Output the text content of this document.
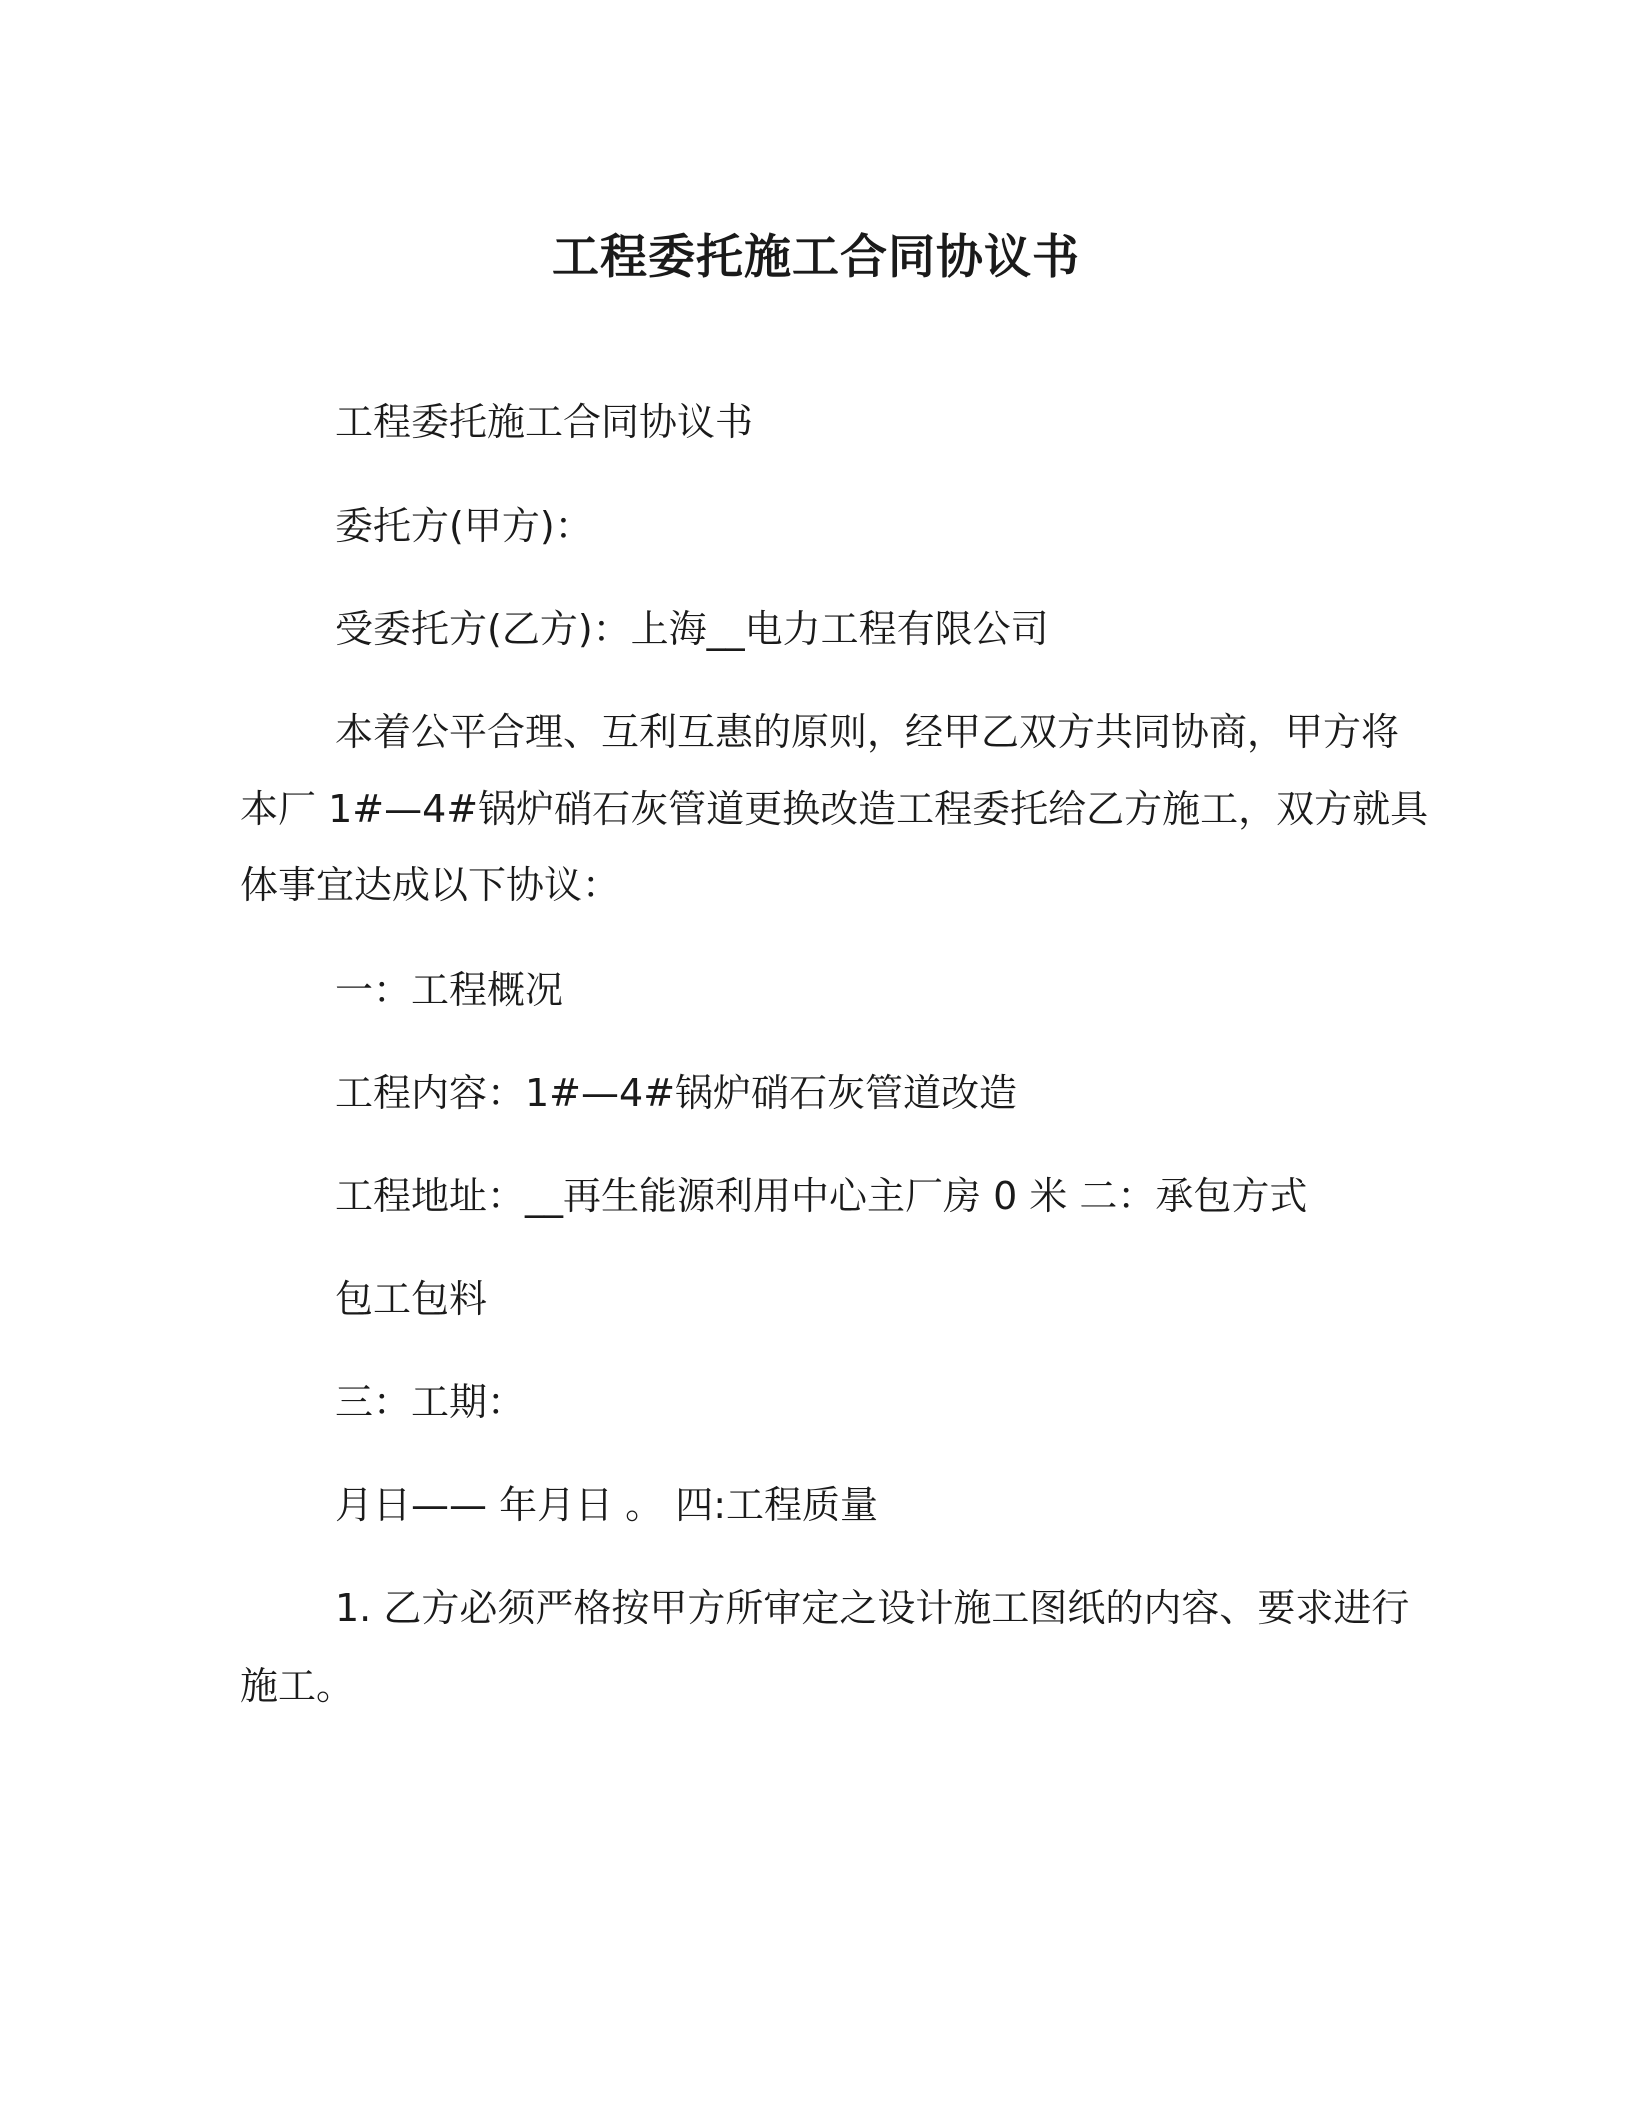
工程委托施工合同协议书

工程委托施工合同协议书

委托方(甲方)：

受委托方(乙方)：上海__电力工程有限公司

本着公平合理、互利互惠的原则，经甲乙双方共同协商，甲方将

本厂 1#—4#锅炉硝石灰管道更换改造工程委托给乙方施工，双方就具

体事宜达成以下协议：

一：工程概况

工程内容：1#—4#锅炉硝石灰管道改造

工程地址：__再生能源利用中心主厂房 0 米 二：承包方式

包工包料

三：工期：

月日—— 年月日 。 四:工程质量

1. 乙方必须严格按甲方所审定之设计施工图纸的内容、要求进行

施工。
